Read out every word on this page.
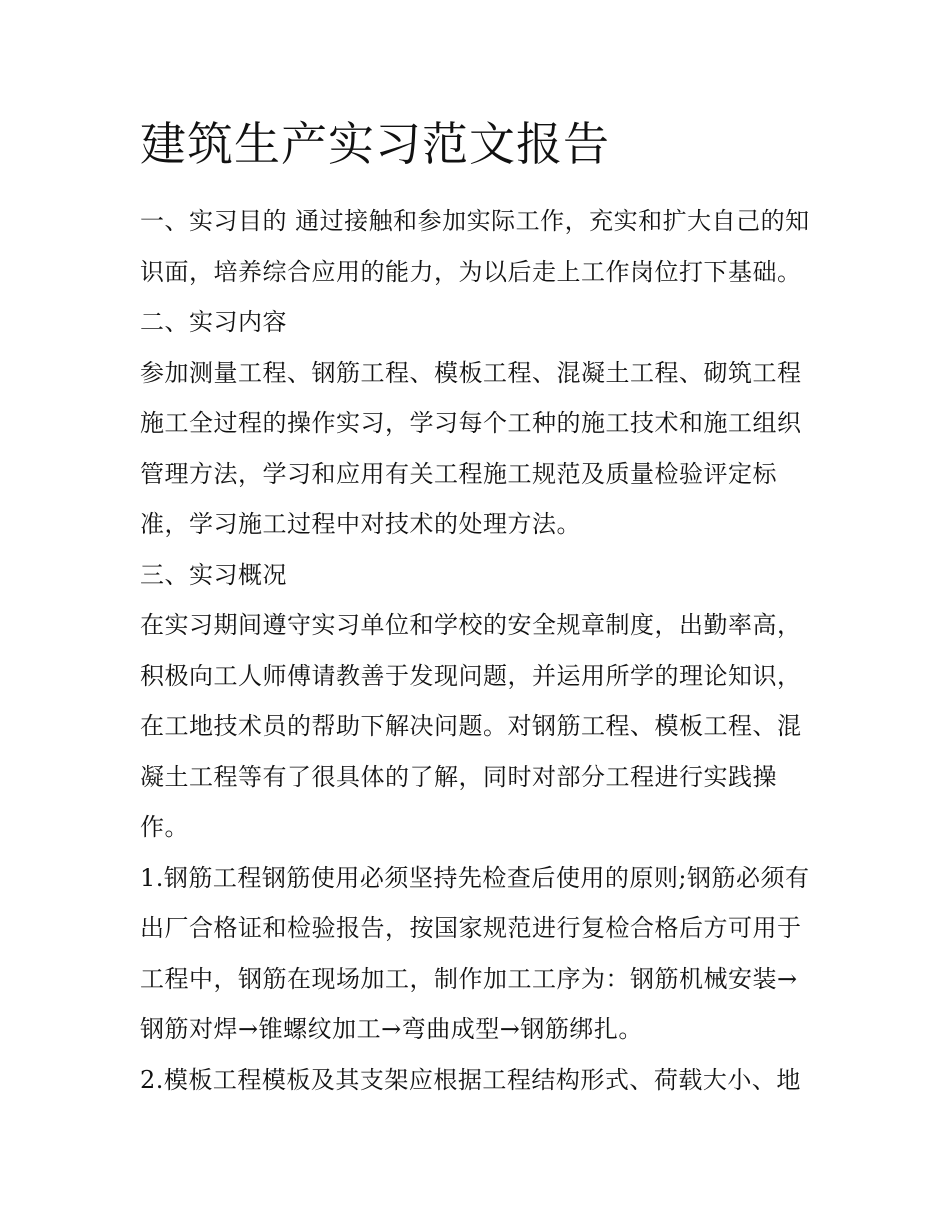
建筑生产实习范文报告

一、实习目的 通过接触和参加实际工作，充实和扩大自己的知识面，培养综合应用的能力，为以后走上工作岗位打下基础。 二、实习内容

参加测量工程、钢筋工程、模板工程、混凝土工程、砌筑工程施工全过程的操作实习，学习每个工种的施工技术和施工组织管理方法，学习和应用有关工程施工规范及质量检验评定标准，学习施工过程中对技术的处理方法。

三、实习概况

在实习期间遵守实习单位和学校的安全规章制度，出勤率高，积极向工人师傅请教善于发现问题，并运用所学的理论知识，在工地技术员的帮助下解决问题。对钢筋工程、模板工程、混凝土工程等有了很具体的了解，同时对部分工程进行实践操作。

1.钢筋工程钢筋使用必须坚持先检查后使用的原则;钢筋必须有出厂合格证和检验报告，按国家规范进行复检合格后方可用于工程中，钢筋在现场加工，制作加工工序为：钢筋机械安装→钢筋对焊→锥螺纹加工→弯曲成型→钢筋绑扎。

2.模板工程模板及其支架应根据工程结构形式、荷载大小、地
